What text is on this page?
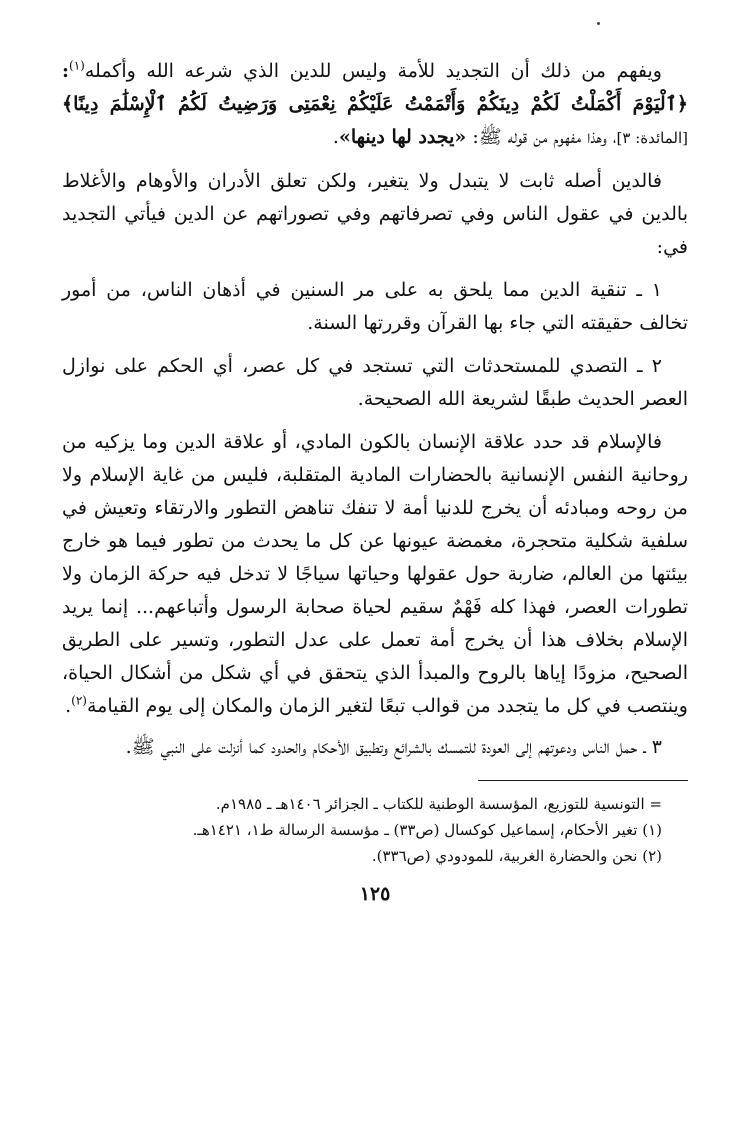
ويفهم من ذلك أن التجديد للأمة وليس للدين الذي شرعه الله وأكمله$^{(١)}$: ﴿ٱلْيَوْمَ أَكْمَلْتُ لَكُمْ دِينَكُمْ وَأَتْمَمْتُ عَلَيْكُمْ نِعْمَتِى وَرَضِيتُ لَكُمُ ٱلْإِسْلَٰمَ دِينًا﴾ [المائدة: ٣]، وهذا مفهوم من قوله ﷺ: «يجدد لها دينها».

فالدين أصله ثابت لا يتبدل ولا يتغير، ولكن تعلق الأدران والأوهام والأغلاط بالدين في عقول الناس وفي تصرفاتهم وفي تصوراتهم عن الدين فيأتي التجديد في:

١ ـ تنقية الدين مما يلحق به على مر السنين في أذهان الناس، من أمور تخالف حقيقته التي جاء بها القرآن وقررتها السنة.

٢ ـ التصدي للمستحدثات التي تستجد في كل عصر، أي الحكم على نوازل العصر الحديث طبقًا لشريعة الله الصحيحة.

فالإسلام قد حدد علاقة الإنسان بالكون المادي، أو علاقة الدين وما يزكيه من روحانية النفس الإنسانية بالحضارات المادية المتقلبة، فليس من غاية الإسلام ولا من روحه ومبادئه أن يخرج للدنيا أمة لا تنفك تناهض التطور والارتقاء وتعيش في سلفية شكلية متحجرة، مغمضة عيونها عن كل ما يحدث من تطور فيما هو خارج بيئتها من العالم، ضاربة حول عقولها وحياتها سياجًا لا تدخل فيه حركة الزمان ولا تطورات العصر، فهذا كله فَهْمٌ سقيم لحياة صحابة الرسول وأتباعهم... إنما يريد الإسلام بخلاف هذا أن يخرج أمة تعمل على عدل التطور، وتسير على الطريق الصحيح، مزودًا إياها بالروح والمبدأ الذي يتحقق في أي شكل من أشكال الحياة، وينتصب في كل ما يتجدد من قوالب تبعًا لتغير الزمان والمكان إلى يوم القيامة$^{(٢)}$.

٣ ـ حمل الناس ودعوتهم إلى العودة للتمسك بالشرائع وتطبيق الأحكام والحدود كما أنزلت على النبي ﷺ.

= التونسية للتوزيع، المؤسسة الوطنية للكتاب ـ الجزائر ١٤٠٦هـ ـ ١٩٨٥م.

(١) تغير الأحكام، إسماعيل كوكسال (ص٣٣) ـ مؤسسة الرسالة ط١، ١٤٢١هـ.

(٢) نحن والحضارة الغربية، للمودودي (ص٣٣٦).

١٢٥
